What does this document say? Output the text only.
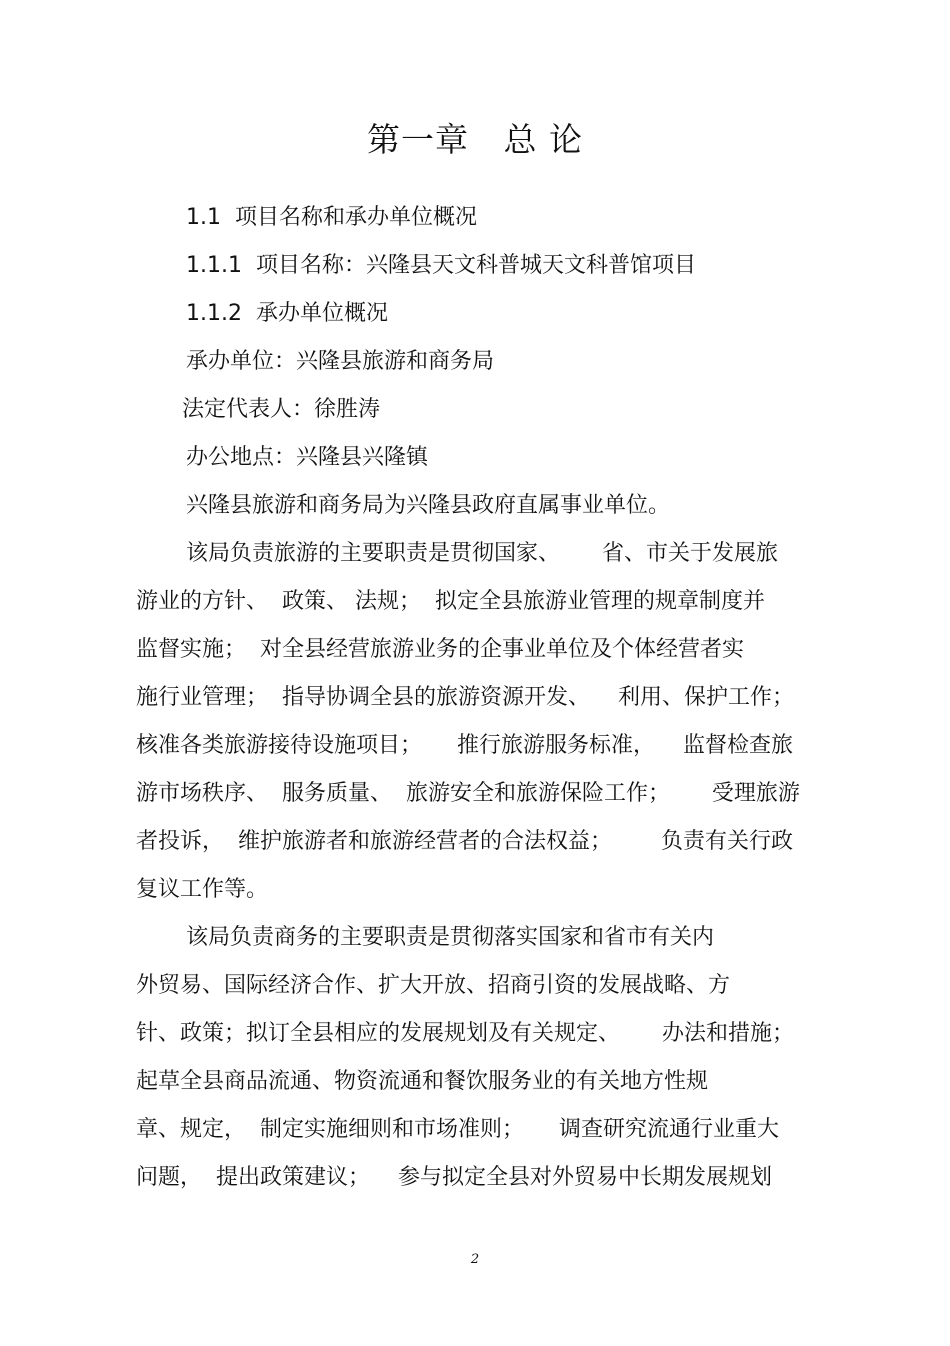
第一章   总 论
1.1  项目名称和承办单位概况
1.1.1  项目名称：兴隆县天文科普城天文科普馆项目
1.1.2  承办单位概况
承办单位：兴隆县旅游和商务局
法定代表人：徐胜涛
办公地点：兴隆县兴隆镇
兴隆县旅游和商务局为兴隆县政府直属事业单位。
该局负责旅游的主要职责是贯彻国家、      省、市关于发展旅
游业的方针、  政策、 法规；  拟定全县旅游业管理的规章制度并
监督实施；  对全县经营旅游业务的企事业单位及个体经营者实
施行业管理；  指导协调全县的旅游资源开发、    利用、保护工作；
核准各类旅游接待设施项目；     推行旅游服务标准，    监督检查旅
游市场秩序、  服务质量、  旅游安全和旅游保险工作；      受理旅游
者投诉，  维护旅游者和旅游经营者的合法权益；       负责有关行政
复议工作等。
该局负责商务的主要职责是贯彻落实国家和省市有关内
外贸易、国际经济合作、扩大开放、招商引资的发展战略、方
针、政策；拟订全县相应的发展规划及有关规定、      办法和措施；
起草全县商品流通、物资流通和餐饮服务业的有关地方性规
章、规定，  制定实施细则和市场准则；     调查研究流通行业重大
问题，  提出政策建议；    参与拟定全县对外贸易中长期发展规划
2
